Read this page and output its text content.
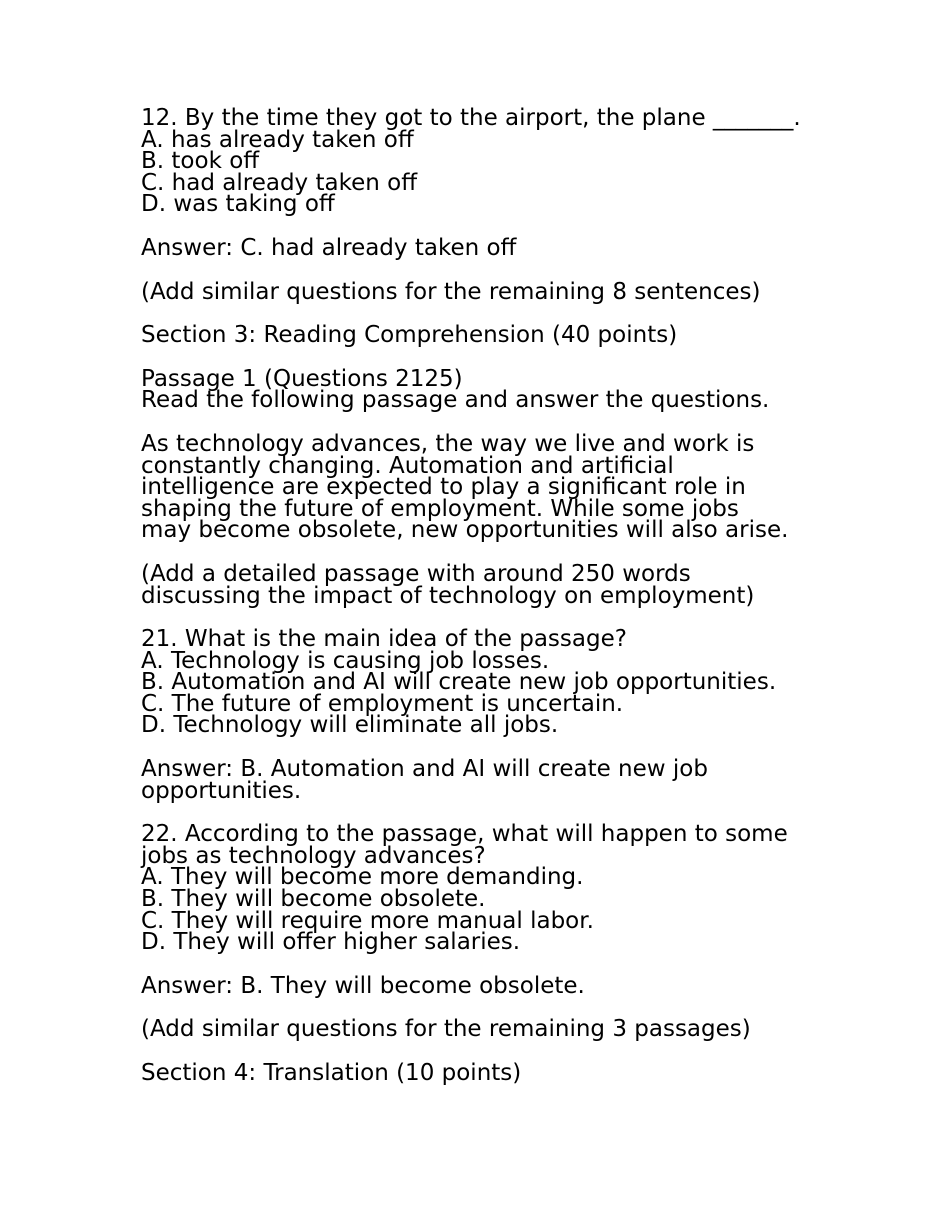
12. By the time they got to the airport, the plane _______.
A. has already taken off
B. took off
C. had already taken off
D. was taking off
Answer: C. had already taken off
(Add similar questions for the remaining 8 sentences)
Section 3: Reading Comprehension (40 points)
Passage 1 (Questions 2125)
Read the following passage and answer the questions.
As technology advances, the way we live and work is
constantly changing. Automation and artificial
intelligence are expected to play a significant role in
shaping the future of employment. While some jobs
may become obsolete, new opportunities will also arise.
(Add a detailed passage with around 250 words
discussing the impact of technology on employment)
21. What is the main idea of the passage?
A. Technology is causing job losses.
B. Automation and AI will create new job opportunities.
C. The future of employment is uncertain.
D. Technology will eliminate all jobs.
Answer: B. Automation and AI will create new job
opportunities.
22. According to the passage, what will happen to some
jobs as technology advances?
A. They will become more demanding.
B. They will become obsolete.
C. They will require more manual labor.
D. They will offer higher salaries.
Answer: B. They will become obsolete.
(Add similar questions for the remaining 3 passages)
Section 4: Translation (10 points)
